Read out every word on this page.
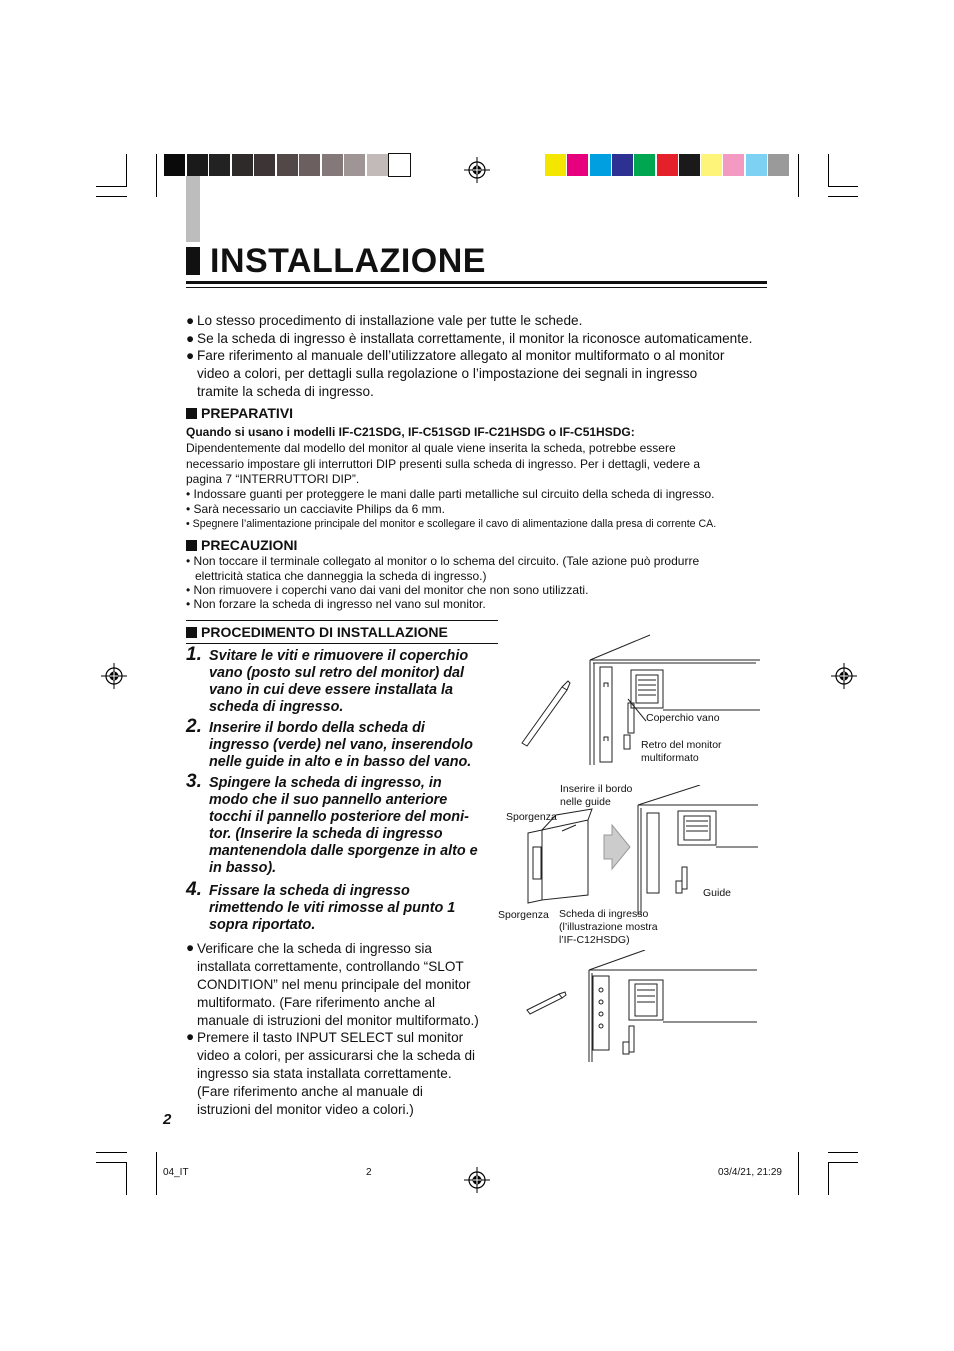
INSTALLAZIONE
● Lo stesso procedimento di installazione vale per tutte le schede.
● Se la scheda di ingresso è installata correttamente, il monitor la riconosce automaticamente.
● Fare riferimento al manuale dell’utilizzatore allegato al monitor multiformato o al monitor
video a colori, per dettagli sulla regolazione o l’impostazione dei segnali in ingresso
tramite la scheda di ingresso.
PREPARATIVI
Quando si usano i modelli IF-C21SDG, IF-C51SGD IF-C21HSDG o IF-C51HSDG:
Dipendentemente dal modello del monitor al quale viene inserita la scheda, potrebbe essere
necessario impostare gli interruttori DIP presenti sulla scheda di ingresso. Per i dettagli, vedere a
pagina 7 “INTERRUTTORI DIP”.
• Indossare guanti per proteggere le mani dalle parti metalliche sul circuito della scheda di ingresso.
• Sarà necessario un cacciavite Philips da 6 mm.
• Spegnere l’alimentazione principale del monitor e scollegare il cavo di alimentazione dalla presa di corrente CA.
PRECAUZIONI
• Non toccare il terminale collegato al monitor o lo schema del circuito. (Tale azione può produrre
elettricità statica che danneggia la scheda di ingresso.)
• Non rimuovere i coperchi vano dai vani del monitor che non sono utilizzati.
• Non forzare la scheda di ingresso nel vano sul monitor.
PROCEDIMENTO DI INSTALLAZIONE
1. Svitare le viti e rimuovere il coperchio
vano (posto sul retro del monitor) dal
vano in cui deve essere installata la
scheda di ingresso.
2. Inserire il bordo della scheda di
ingresso (verde) nel vano, inserendolo
nelle guide in alto e in basso del vano.
3. Spingere la scheda di ingresso, in
modo che il suo pannello anteriore
tocchi il pannello posteriore del moni-
tor. (Inserire la scheda di ingresso
mantenendola dalle sporgenze in alto e
in basso).
4. Fissare la scheda di ingresso
rimettendo le viti rimosse al punto 1
sopra riportato.
● Verificare che la scheda di ingresso sia
installata correttamente, controllando “SLOT
CONDITION” nel menu principale del monitor
multiformato. (Fare riferimento anche al
manuale di istruzioni del monitor multiformato.)
● Premere il tasto INPUT SELECT sul monitor
video a colori, per assicurarsi che la scheda di
ingresso sia stata installata correttamente.
(Fare riferimento anche al manuale di
istruzioni del monitor video a colori.)
2
Coperchio vano
Retro del monitor
multiformato
Inserire il bordo
nelle guide
Sporgenza
Sporgenza
Guide
Scheda di ingresso
(l’illustrazione mostra
l’IF-C12HSDG)
04_IT	2	03/4/21, 21:29
